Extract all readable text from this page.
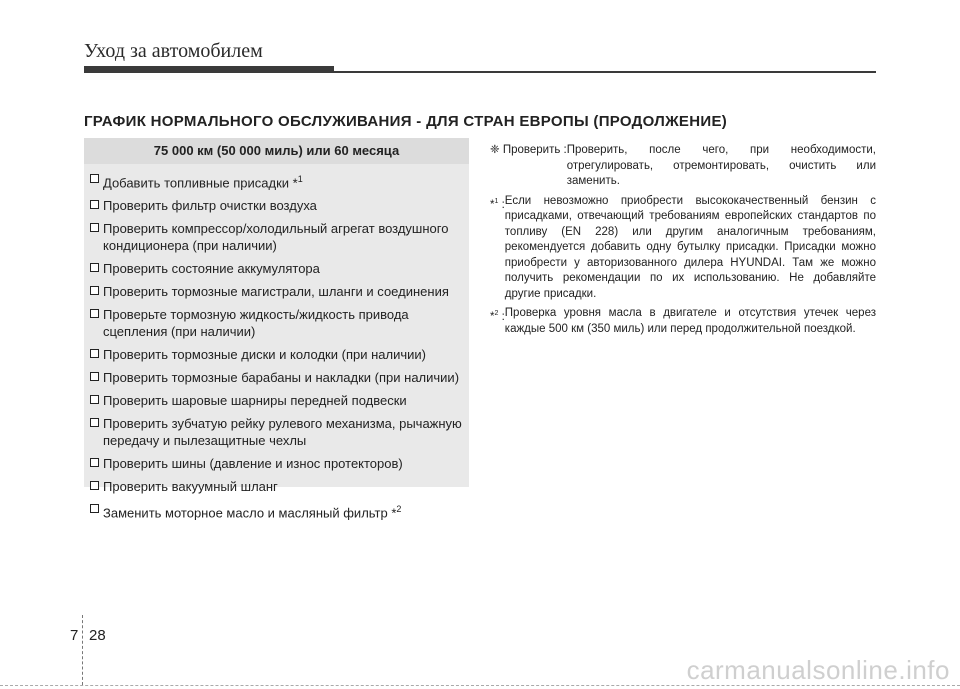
Уход за автомобилем
ГРАФИК НОРМАЛЬНОГО ОБСЛУЖИВАНИЯ - ДЛЯ СТРАН ЕВРОПЫ (ПРОДОЛЖЕНИЕ)
75 000 км (50 000 миль) или 60 месяца
Добавить топливные присадки *$^1$
Проверить фильтр очистки воздуха
Проверить компрессор/холодильный агрегат воздушного кондиционера (при наличии)
Проверить состояние аккумулятора
Проверить тормозные магистрали, шланги и соединения
Проверьте тормозную жидкость/жидкость привода сцепления (при наличии)
Проверить тормозные диски и колодки (при наличии)
Проверить тормозные барабаны и накладки (при наличии)
Проверить шаровые шарниры передней подвески
Проверить зубчатую рейку рулевого механизма, рычажную передачу и пылезащитные чехлы
Проверить шины (давление и износ протекторов)
Проверить вакуумный шланг
Заменить моторное масло и масляный фильтр *$^2$
❈ Проверить : Проверить, после чего, при необходимости, отрегулировать, отремонтировать, очистить или заменить.
*$^1$ : Если невозможно приобрести высококачественный бензин с присадками, отвечающий требованиям европейских стандартов по топливу (EN 228) или другим аналогичным требованиям, рекомендуется добавить одну бутылку присадки. Присадки можно приобрести у авторизованного дилера HYUNDAI. Там же можно получить рекомендации по их использованию. Не добавляйте другие присадки.
*$^2$ : Проверка уровня масла в двигателе и отсутствия утечек через каждые 500 км (350 миль) или перед продолжительной поездкой.
7 28
carmanualsonline.info
